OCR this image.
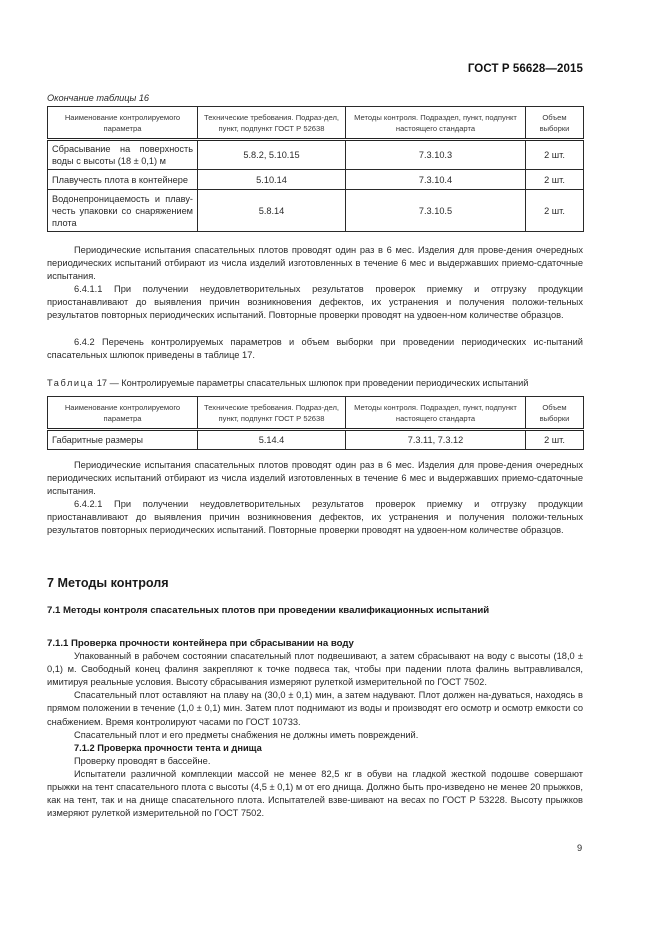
ГОСТ Р 56628—2015
Окончание таблицы 16
Наименование контролируемого параметра	Технические требования. Подраз-дел, пункт, подпункт ГОСТ Р 52638	Методы контроля. Подраздел, пункт, подпункт настоящего стандарта	Объем выборки
Сбрасывание на поверхность воды с высоты (18 ± 0,1) м	5.8.2, 5.10.15	7.3.10.3	2 шт.
Плавучесть плота в контейнере	5.10.14	7.3.10.4	2 шт.
Водонепроницаемость и плаву-честь упаковки со снаряжением плота	5.8.14	7.3.10.5	2 шт.
Периодические испытания спасательных плотов проводят один раз в 6 мес. Изделия для прове-дения очередных периодических испытаний отбирают из числа изделий изготовленных в течение 6 мес и выдержавших приемо-сдаточные испытания.
6.4.1.1 При получении неудовлетворительных результатов проверок приемку и отгрузку продукции приостанавливают до выявления причин возникновения дефектов, их устранения и получения положи-тельных результатов повторных периодических испытаний. Повторные проверки проводят на удвоен-ном количестве образцов.
6.4.2 Перечень контролируемых параметров и объем выборки при проведении периодических ис-пытаний спасательных шлюпок приведены в таблице 17.
Таблица 17 — Контролируемые параметры спасательных шлюпок при проведении периодических испытаний
Наименование контролируемого параметра	Технические требования. Подраз-дел, пункт, подпункт ГОСТ Р 52638	Методы контроля. Подраздел, пункт, подпункт настоящего стандарта	Объем выборки
Габаритные размеры	5.14.4	7.3.11, 7.3.12	2 шт.
Периодические испытания спасательных плотов проводят один раз в 6 мес. Изделия для прове-дения очередных периодических испытаний отбирают из числа изделий изготовленных в течение 6 мес и выдержавших приемо-сдаточные испытания.
6.4.2.1 При получении неудовлетворительных результатов проверок приемку и отгрузку продукции приостанавливают до выявления причин возникновения дефектов, их устранения и получения положи-тельных результатов повторных периодических испытаний. Повторные проверки проводят на удвоен-ном количестве образцов.
7 Методы контроля
7.1 Методы контроля спасательных плотов при проведении квалификационных испытаний
7.1.1 Проверка прочности контейнера при сбрасывании на воду
Упакованный в рабочем состоянии спасательный плот подвешивают, а затем сбрасывают на воду с высоты (18,0 ± 0,1) м. Свободный конец фалиня закрепляют к точке подвеса так, чтобы при падении плота фалинь вытравливался, имитируя реальные условия. Высоту сбрасывания измеряют рулеткой измерительной по ГОСТ 7502.
Спасательный плот оставляют на плаву на (30,0 ± 0,1) мин, а затем надувают. Плот должен на-дуваться, находясь в прямом положении в течение (1,0 ± 0,1) мин. Затем плот поднимают из воды и производят его осмотр и осмотр емкости со снабжением. Время контролируют часами по ГОСТ 10733.
Спасательный плот и его предметы снабжения не должны иметь повреждений.
7.1.2 Проверка прочности тента и днища
Проверку проводят в бассейне.
Испытатели различной комплекции массой не менее 82,5 кг в обуви на гладкой жесткой подошве совершают прыжки на тент спасательного плота с высоты (4,5 ± 0,1) м от его днища. Должно быть про-изведено не менее 20 прыжков, как на тент, так и на днище спасательного плота. Испытателей взве-шивают на весах по ГОСТ Р 53228. Высоту прыжков измеряют рулеткой измерительной по ГОСТ 7502.
9
